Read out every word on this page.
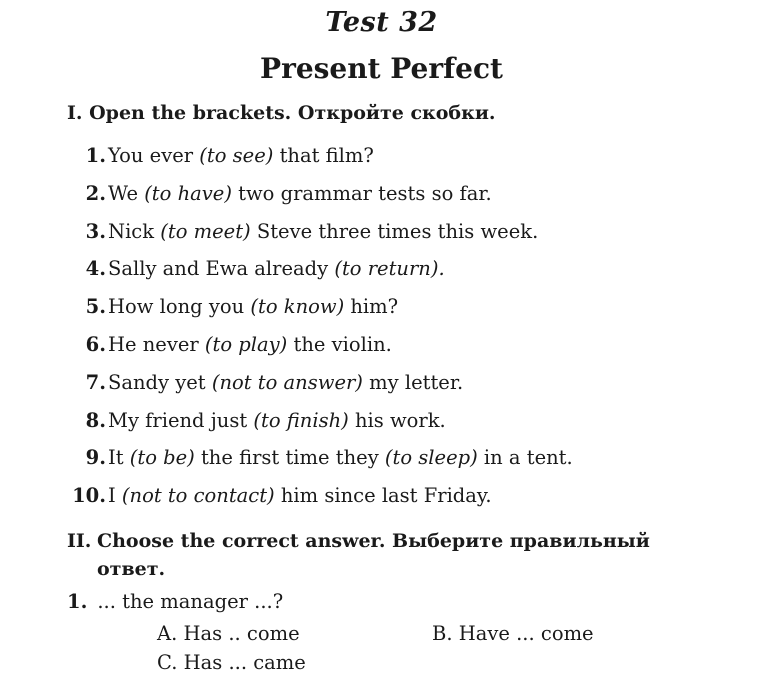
Test 32
Present Perfect
I. Open the brackets. Откройте скобки.
1. You ever (to see) that film?
2. We (to have) two grammar tests so far.
3. Nick (to meet) Steve three times this week.
4. Sally and Ewa already (to return).
5. How long you (to know) him?
6. He never (to play) the violin.
7. Sandy yet (not to answer) my letter.
8. My friend just (to finish) his work.
9. It (to be) the first time they (to sleep) in a tent.
10. I (not to contact) him since last Friday.
II. Choose the correct answer. Выберите правильный
ответ.
1. ... the manager ...?
A. Has .. come	B. Have ... come
C. Has ... came
